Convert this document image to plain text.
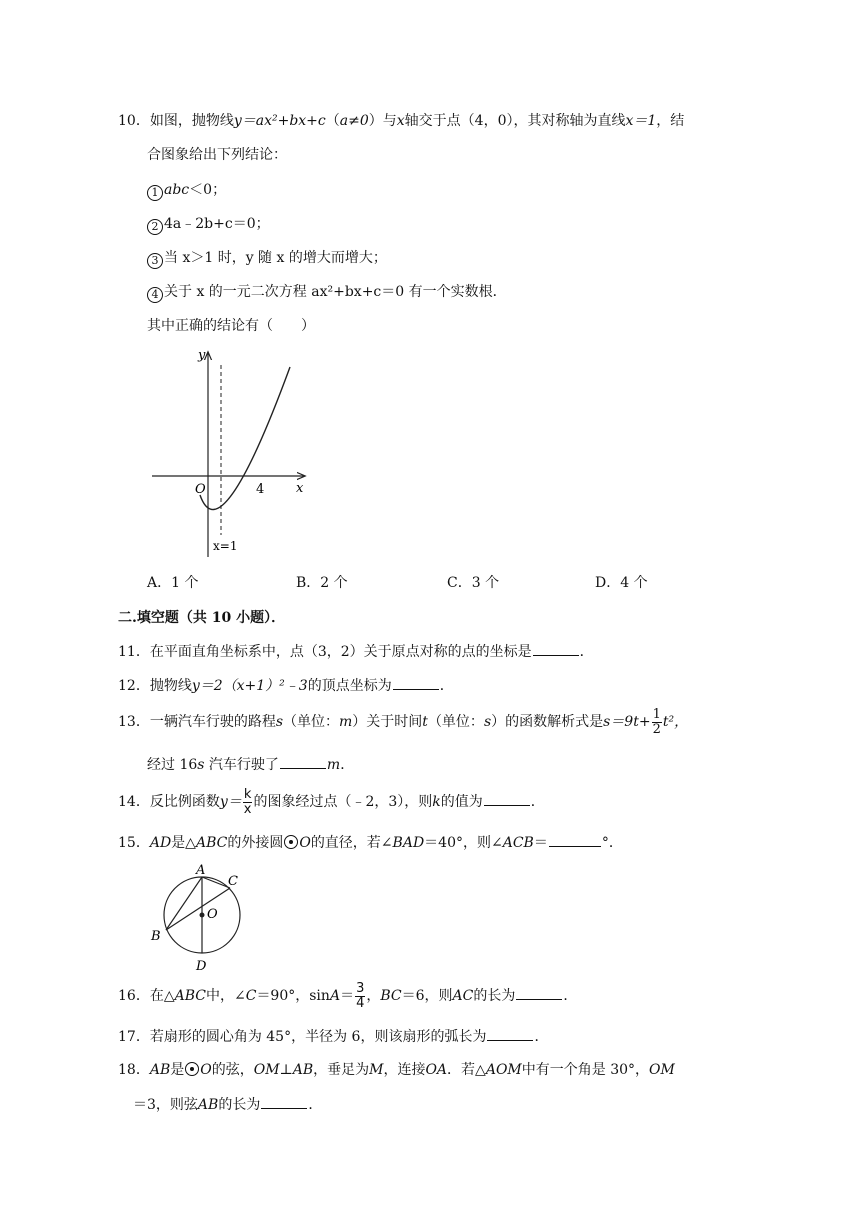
10．如图，抛物线y＝ax²+bx+c（a≠0）与x轴交于点（4，0），其对称轴为直线x＝1，结
合图象给出下列结论：
1 abc＜0；
2 4a﹣2b+c＝0；
3 当 x＞1 时，y 随 x 的增大而增大；
4 关于 x 的一元二次方程 ax²+bx+c＝0 有一个实数根．
其中正确的结论有（　　）
y
x
O	4
x=1
A．1 个	B．2 个	C．3 个	D．4 个
二.填空题（共 10 小题）．
11．在平面直角坐标系中，点（3，2）关于原点对称的点的坐标是	．
12．抛物线y＝2（x+1）²﹣3的顶点坐标为	．
13．一辆汽车行驶的路程s（单位：m）关于时间t（单位：s）的函数解析式是$s=9t+ \frac{1}{2} t^2$，
经过 16s 汽车行驶了	m．
14．反比例函数$y= \frac{k}{x}$ 的图象经过点（﹣2，3），则k的值为	．
15．AD是△ABC的外接圆 O的直径，若∠BAD＝40°，则∠ACB＝	°．
A
B
C
D
O
16．在△ABC中，∠C＝90°，$\sin A= \frac{3}{4}$ ，BC＝6，则AC的长为	．
17．若扇形的圆心角为 45°，半径为 6，则该扇形的弧长为	．
18．AB是 O的弦，OM⊥AB，垂足为M，连接OA．若△AOM中有一个角是 30°，OM
＝3，则弦AB的长为	．
